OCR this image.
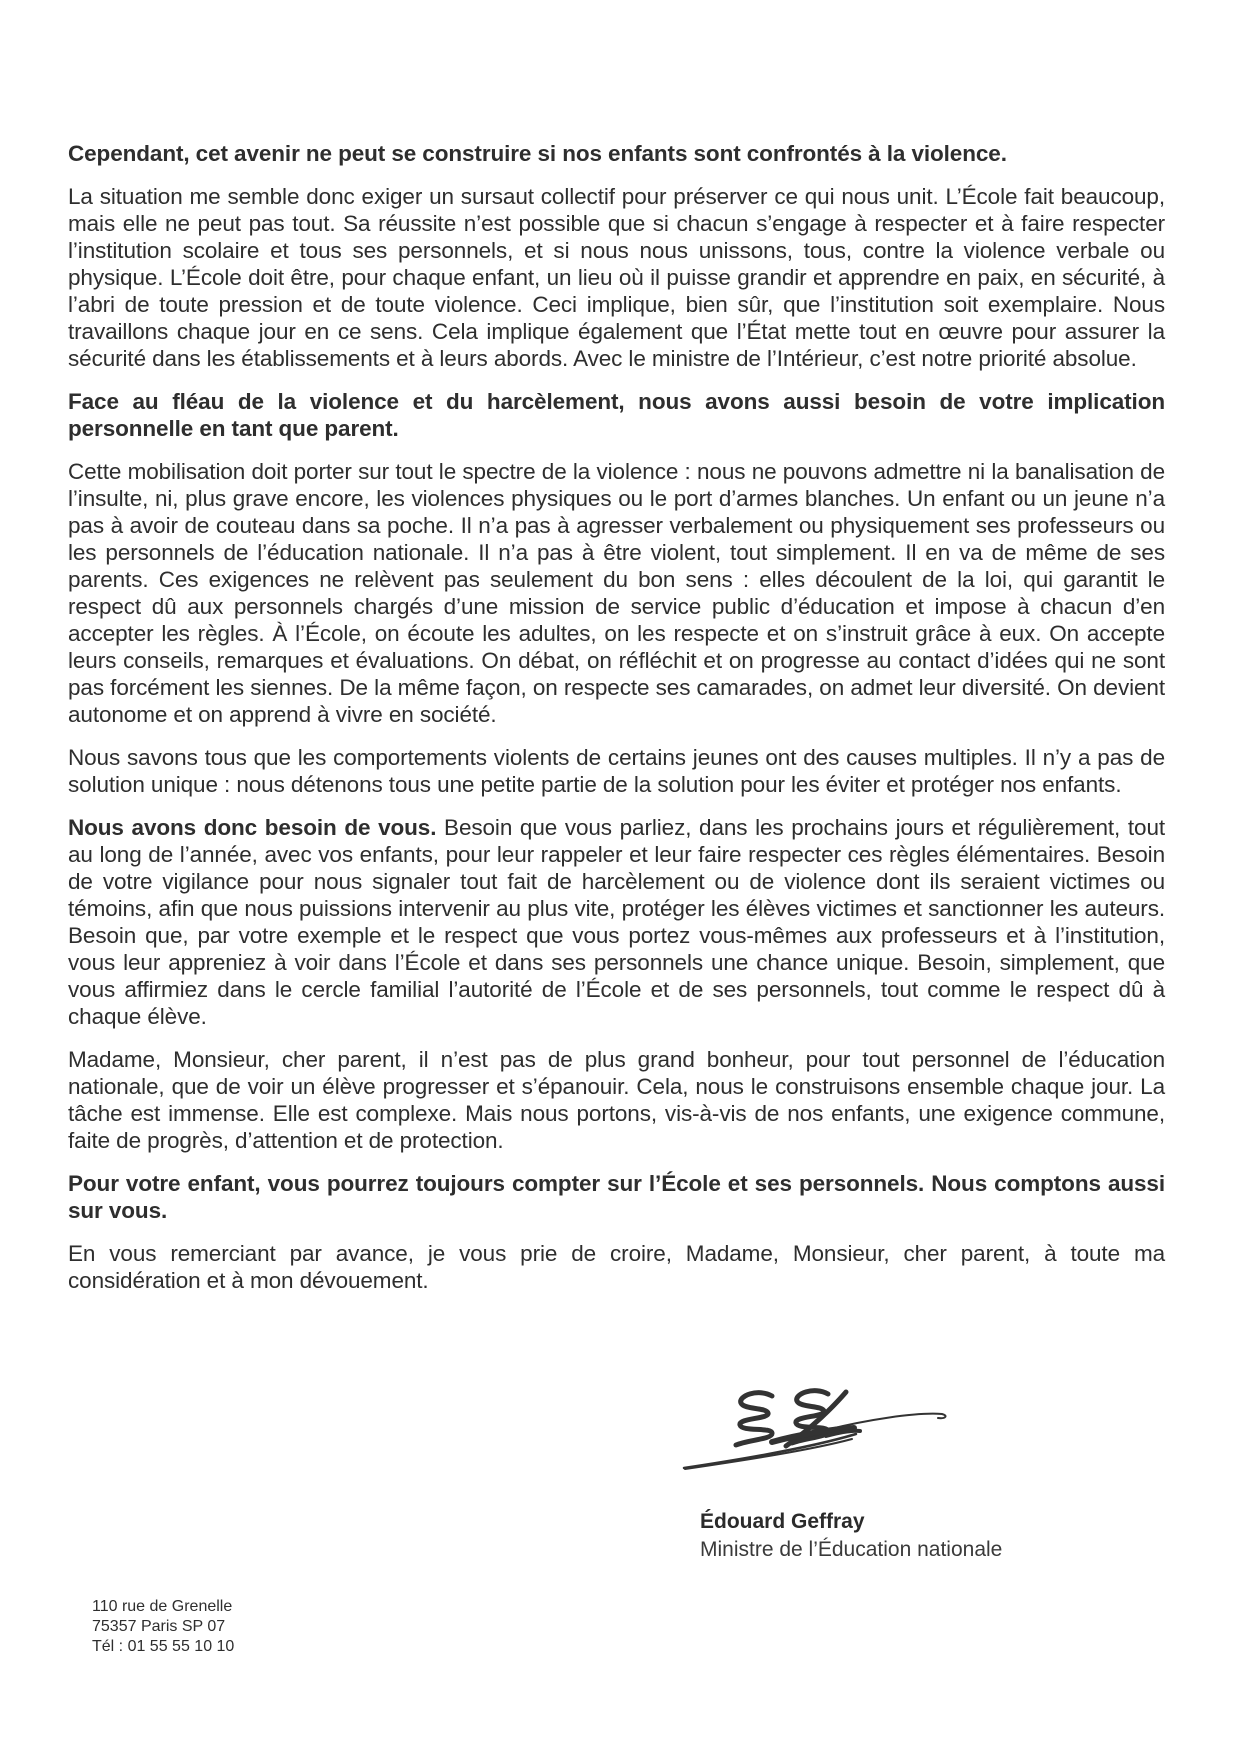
Cependant, cet avenir ne peut se construire si nos enfants sont confrontés à la violence.

La situation me semble donc exiger un sursaut collectif pour préserver ce qui nous unit. L’École fait beaucoup, mais elle ne peut pas tout. Sa réussite n’est possible que si chacun s’engage à respecter et à faire respecter l’institution scolaire et tous ses personnels, et si nous nous unissons, tous, contre la violence verbale ou physique. L’École doit être, pour chaque enfant, un lieu où il puisse grandir et apprendre en paix, en sécurité, à l’abri de toute pression et de toute violence. Ceci implique, bien sûr, que l’institution soit exemplaire. Nous travaillons chaque jour en ce sens. Cela implique également que l’État mette tout en œuvre pour assurer la sécurité dans les établissements et à leurs abords. Avec le ministre de l’Intérieur, c’est notre priorité absolue.

Face au fléau de la violence et du harcèlement, nous avons aussi besoin de votre implication personnelle en tant que parent.

Cette mobilisation doit porter sur tout le spectre de la violence : nous ne pouvons admettre ni la banalisation de l’insulte, ni, plus grave encore, les violences physiques ou le port d’armes blanches. Un enfant ou un jeune n’a pas à avoir de couteau dans sa poche. Il n’a pas à agresser verbalement ou physiquement ses professeurs ou les personnels de l’éducation nationale. Il n’a pas à être violent, tout simplement. Il en va de même de ses parents. Ces exigences ne relèvent pas seulement du bon sens : elles découlent de la loi, qui garantit le respect dû aux personnels chargés d’une mission de service public d’éducation et impose à chacun d’en accepter les règles. À l’École, on écoute les adultes, on les respecte et on s’instruit grâce à eux. On accepte leurs conseils, remarques et évaluations. On débat, on réfléchit et on progresse au contact d’idées qui ne sont pas forcément les siennes. De la même façon, on respecte ses camarades, on admet leur diversité. On devient autonome et on apprend à vivre en société.

Nous savons tous que les comportements violents de certains jeunes ont des causes multiples. Il n’y a pas de solution unique : nous détenons tous une petite partie de la solution pour les éviter et protéger nos enfants.

Nous avons donc besoin de vous. Besoin que vous parliez, dans les prochains jours et régulièrement, tout au long de l’année, avec vos enfants, pour leur rappeler et leur faire respecter ces règles élémentaires. Besoin de votre vigilance pour nous signaler tout fait de harcèlement ou de violence dont ils seraient victimes ou témoins, afin que nous puissions intervenir au plus vite, protéger les élèves victimes et sanctionner les auteurs. Besoin que, par votre exemple et le respect que vous portez vous-mêmes aux professeurs et à l’institution, vous leur appreniez à voir dans l’École et dans ses personnels une chance unique. Besoin, simplement, que vous affirmiez dans le cercle familial l’autorité de l’École et de ses personnels, tout comme le respect dû à chaque élève.

Madame, Monsieur, cher parent, il n’est pas de plus grand bonheur, pour tout personnel de l’éducation nationale, que de voir un élève progresser et s’épanouir. Cela, nous le construisons ensemble chaque jour. La tâche est immense. Elle est complexe. Mais nous portons, vis-à-vis de nos enfants, une exigence commune, faite de progrès, d’attention et de protection.

Pour votre enfant, vous pourrez toujours compter sur l’École et ses personnels. Nous comptons aussi sur vous.

En vous remerciant par avance, je vous prie de croire, Madame, Monsieur, cher parent, à toute ma considération et à mon dévouement.

Édouard Geffray
Ministre de l’Éducation nationale
110 rue de Grenelle
75357 Paris SP 07
Tél : 01 55 55 10 10
